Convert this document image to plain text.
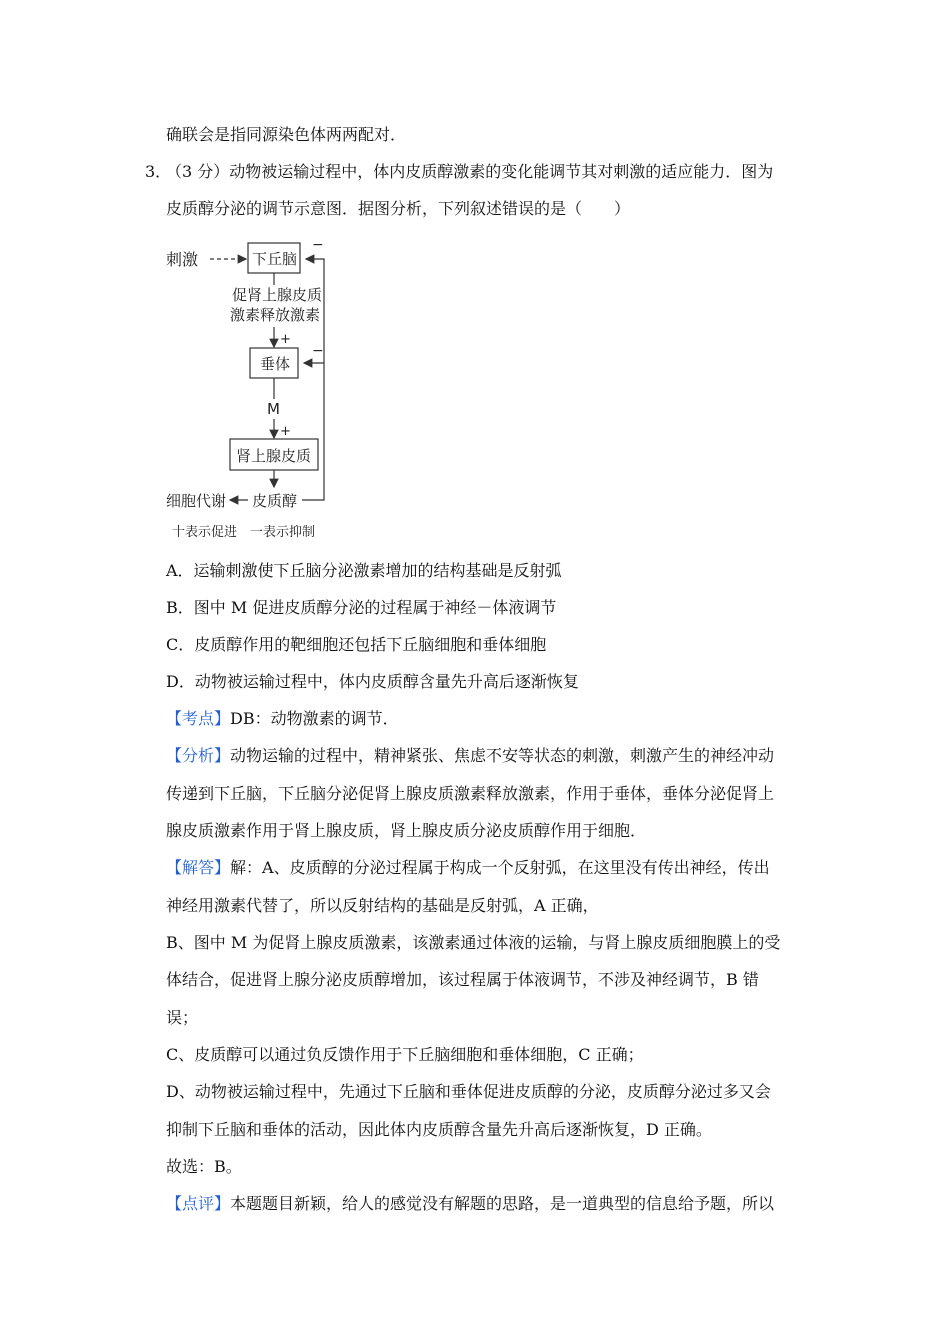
确联会是指同源染色体两两配对．
3．
（3 分）动物被运输过程中，体内皮质醇激素的变化能调节其对刺激的适应能力．图为
皮质醇分泌的调节示意图．据图分析，下列叙述错误的是（　　）
刺激	下丘脑
促肾上腺皮质
激素释放激素
+
垂体
M
+
肾上腺皮质
细胞代谢 皮质醇
−
−
十表示促进　一表示抑制
A．运输刺激使下丘脑分泌激素增加的结构基础是反射弧
B．图中 M 促进皮质醇分泌的过程属于神经－体液调节
C．皮质醇作用的靶细胞还包括下丘脑细胞和垂体细胞
D．动物被运输过程中，体内皮质醇含量先升高后逐渐恢复
【考点】DB：动物激素的调节．
【分析】动物运输的过程中，精神紧张、焦虑不安等状态的刺激，刺激产生的神经冲动
传递到下丘脑，下丘脑分泌促肾上腺皮质激素释放激素，作用于垂体，垂体分泌促肾上
腺皮质激素作用于肾上腺皮质，肾上腺皮质分泌皮质醇作用于细胞．
【解答】解：A、皮质醇的分泌过程属于构成一个反射弧，在这里没有传出神经，传出
神经用激素代替了，所以反射结构的基础是反射弧，A 正确，
B、图中 M 为促肾上腺皮质激素，该激素通过体液的运输，与肾上腺皮质细胞膜上的受
体结合，促进肾上腺分泌皮质醇增加，该过程属于体液调节，不涉及神经调节，B 错
误；
C、皮质醇可以通过负反馈作用于下丘脑细胞和垂体细胞，C 正确；
D、动物被运输过程中，先通过下丘脑和垂体促进皮质醇的分泌，皮质醇分泌过多又会
抑制下丘脑和垂体的活动，因此体内皮质醇含量先升高后逐渐恢复，D 正确。
故选：B。
【点评】本题题目新颖，给人的感觉没有解题的思路，是一道典型的信息给予题，所以
